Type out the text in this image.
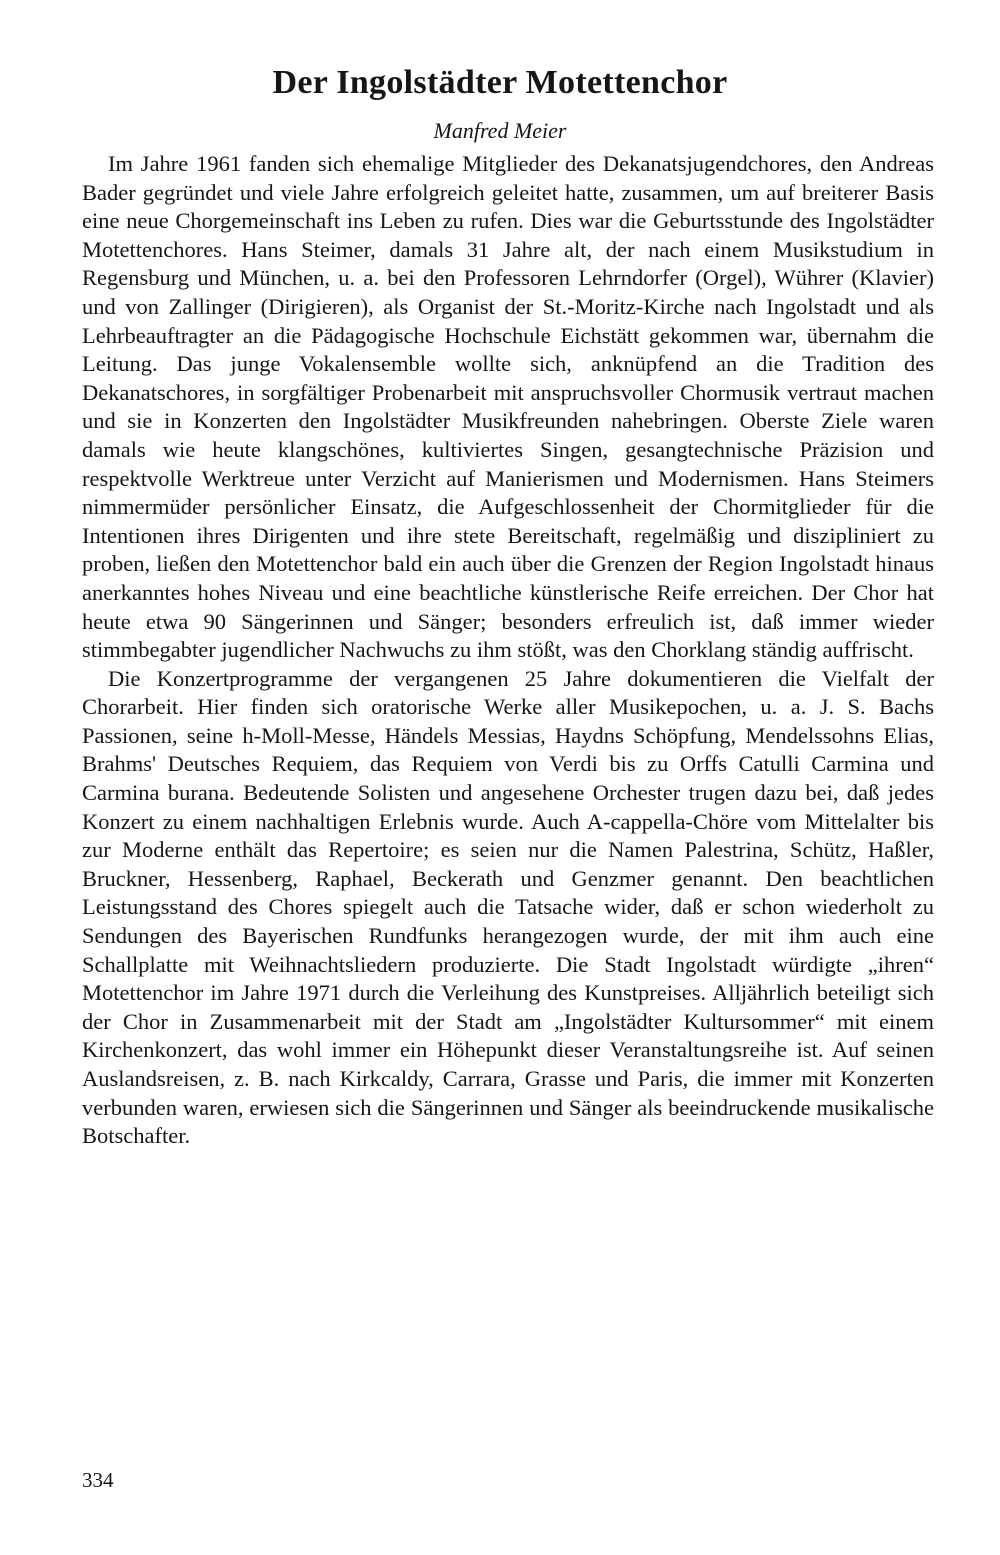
Der Ingolstädter Motettenchor

Manfred Meier

Im Jahre 1961 fanden sich ehemalige Mitglieder des Dekanatsjugendchores, den Andreas Bader gegründet und viele Jahre erfolgreich geleitet hatte, zusammen, um auf breiterer Basis eine neue Chorgemeinschaft ins Leben zu rufen. Dies war die Geburtsstunde des Ingolstädter Motettenchores. Hans Steimer, damals 31 Jahre alt, der nach einem Musikstudium in Regensburg und München, u. a. bei den Professoren Lehrndorfer (Orgel), Wührer (Klavier) und von Zallinger (Dirigieren), als Organist der St.-Moritz-Kirche nach Ingolstadt und als Lehrbeauftragter an die Pädagogische Hochschule Eichstätt gekommen war, übernahm die Leitung. Das junge Vokalensemble wollte sich, anknüpfend an die Tradition des Dekanatschores, in sorgfältiger Probenarbeit mit anspruchsvoller Chormusik vertraut machen und sie in Konzerten den Ingolstädter Musikfreunden nahebringen. Oberste Ziele waren damals wie heute klangschönes, kultiviertes Singen, gesangtechnische Präzision und respektvolle Werktreue unter Verzicht auf Manierismen und Modernismen. Hans Steimers nimmermüder persönlicher Einsatz, die Aufgeschlossenheit der Chormitglieder für die Intentionen ihres Dirigenten und ihre stete Bereitschaft, regelmäßig und diszipliniert zu proben, ließen den Motettenchor bald ein auch über die Grenzen der Region Ingolstadt hinaus anerkanntes hohes Niveau und eine beachtliche künstlerische Reife erreichen. Der Chor hat heute etwa 90 Sängerinnen und Sänger; besonders erfreulich ist, daß immer wieder stimmbegabter jugendlicher Nachwuchs zu ihm stößt, was den Chorklang ständig auffrischt.

Die Konzertprogramme der vergangenen 25 Jahre dokumentieren die Vielfalt der Chorarbeit. Hier finden sich oratorische Werke aller Musikepochen, u. a. J. S. Bachs Passionen, seine h-Moll-Messe, Händels Messias, Haydns Schöpfung, Mendelssohns Elias, Brahms' Deutsches Requiem, das Requiem von Verdi bis zu Orffs Catulli Carmina und Carmina burana. Bedeutende Solisten und angesehene Orchester trugen dazu bei, daß jedes Konzert zu einem nachhaltigen Erlebnis wurde. Auch A-cappella-Chöre vom Mittelalter bis zur Moderne enthält das Repertoire; es seien nur die Namen Palestrina, Schütz, Haßler, Bruckner, Hessenberg, Raphael, Beckerath und Genzmer genannt. Den beachtlichen Leistungsstand des Chores spiegelt auch die Tatsache wider, daß er schon wiederholt zu Sendungen des Bayerischen Rundfunks herangezogen wurde, der mit ihm auch eine Schallplatte mit Weihnachtsliedern produzierte. Die Stadt Ingolstadt würdigte „ihren“ Motettenchor im Jahre 1971 durch die Verleihung des Kunstpreises. Alljährlich beteiligt sich der Chor in Zusammenarbeit mit der Stadt am „Ingolstädter Kultursommer“ mit einem Kirchenkonzert, das wohl immer ein Höhepunkt dieser Veranstaltungsreihe ist. Auf seinen Auslandsreisen, z. B. nach Kirkcaldy, Carrara, Grasse und Paris, die immer mit Konzerten verbunden waren, erwiesen sich die Sängerinnen und Sänger als beeindruckende musikalische Botschafter.

334
